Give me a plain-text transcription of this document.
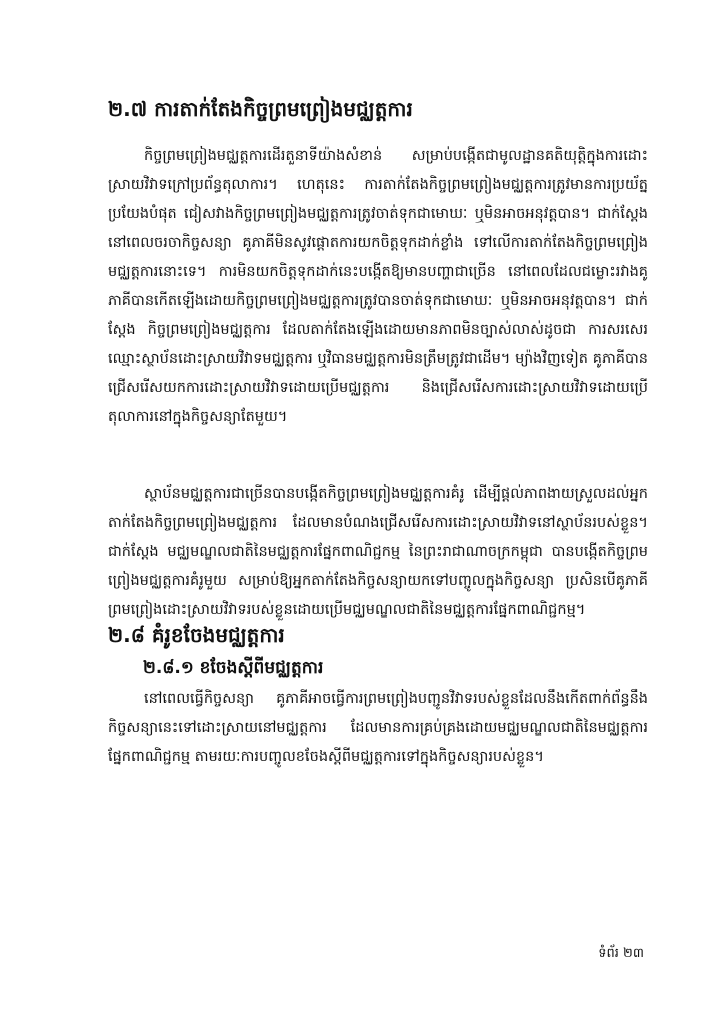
២.៧ ការតាក់តែងកិច្ចព្រមព្រៀងមជ្ឈត្តការ

កិច្ចព្រមព្រៀងមជ្ឈត្តការដើរតួនាទីយ៉ាងសំខាន់ សម្រាប់បង្កើតជាមូលដ្ឋានគតិយុត្តិក្នុងការដោះស្រាយវិវាទក្រៅប្រព័ន្ធតុលាការ។ ហេតុនេះ ការតាក់តែងកិច្ចព្រមព្រៀងមជ្ឈត្តការត្រូវមានការប្រយ័ត្នប្រយែងបំផុត ជៀសវាងកិច្ចព្រមព្រៀងមជ្ឈត្តការត្រូវចាត់ទុកជាមោឃៈ ឬមិនអាចអនុវត្តបាន។ ជាក់ស្តែង នៅពេលចរចាកិច្ចសន្យា គូភាគីមិនសូវផ្តោតការយកចិត្តទុកដាក់ខ្លាំង ទៅលើការតាក់តែងកិច្ចព្រមព្រៀងមជ្ឈត្តការនោះទេ។ ការមិនយកចិត្តទុកដាក់នេះបង្កើតឱ្យមានបញ្ហាជាច្រើន នៅពេលដែលជម្លោះរវាងគូភាគីបានកើតឡើងដោយកិច្ចព្រមព្រៀងមជ្ឈត្តការត្រូវបានចាត់ទុកជាមោឃៈ ឬមិនអាចអនុវត្តបាន។ ជាក់ស្តែង កិច្ចព្រមព្រៀងមជ្ឈត្តការ ដែលតាក់តែងឡើងដោយមានភាពមិនច្បាស់លាស់ដូចជា ការសរសេរឈ្មោះស្ថាប័នដោះស្រាយវិវាទមជ្ឈត្តការ ឬវិធានមជ្ឈត្តការមិនត្រឹមត្រូវជាដើម។ ម្យ៉ាងវិញទៀត គូភាគីបានជ្រើសរើសយកការដោះស្រាយវិវាទដោយប្រើមជ្ឈត្តការ និងជ្រើសរើសការដោះស្រាយវិវាទដោយប្រើតុលាការនៅក្នុងកិច្ចសន្យាតែមួយ។

ស្ថាប័នមជ្ឈត្តការជាច្រើនបានបង្កើតកិច្ចព្រមព្រៀងមជ្ឈត្តការគំរូ ដើម្បីផ្តល់ភាពងាយស្រួលដល់អ្នកតាក់តែងកិច្ចព្រមព្រៀងមជ្ឈត្តការ ដែលមានបំណងជ្រើសរើសការដោះស្រាយវិវាទនៅស្ថាប័នរបស់ខ្លួន។ ជាក់ស្តែង មជ្ឈមណ្ឌលជាតិនៃមជ្ឈត្តការផ្នែកពាណិជ្ជកម្ម នៃព្រះរាជាណាចក្រកម្ពុជា បានបង្កើតកិច្ចព្រមព្រៀងមជ្ឈត្តការគំរូមួយ សម្រាប់ឱ្យអ្នកតាក់តែងកិច្ចសន្យាយកទៅបញ្ចូលក្នុងកិច្ចសន្យា ប្រសិនបើគូភាគីព្រមព្រៀងដោះស្រាយវិវាទរបស់ខ្លួនដោយប្រើមជ្ឈមណ្ឌលជាតិនៃមជ្ឈត្តការផ្នែកពាណិជ្ជកម្ម។

២.៨ គំរូខចែងមជ្ឈត្តការ
២.៨.១ ខចែងស្តីពីមជ្ឈត្តការ

នៅពេលធ្វើកិច្ចសន្យា គូភាគីអាចធ្វើការព្រមព្រៀងបញ្ជូនវិវាទរបស់ខ្លួនដែលនឹងកើតពាក់ព័ន្ធនឹងកិច្ចសន្យានេះទៅដោះស្រាយនៅមជ្ឈត្តការ ដែលមានការគ្រប់គ្រងដោយមជ្ឈមណ្ឌលជាតិនៃមជ្ឈត្តការផ្នែកពាណិជ្ជកម្ម តាមរយៈការបញ្ចូលខចែងស្តីពីមជ្ឈត្តការទៅក្នុងកិច្ចសន្យារបស់ខ្លួន។

ទំព័រ ២៣
